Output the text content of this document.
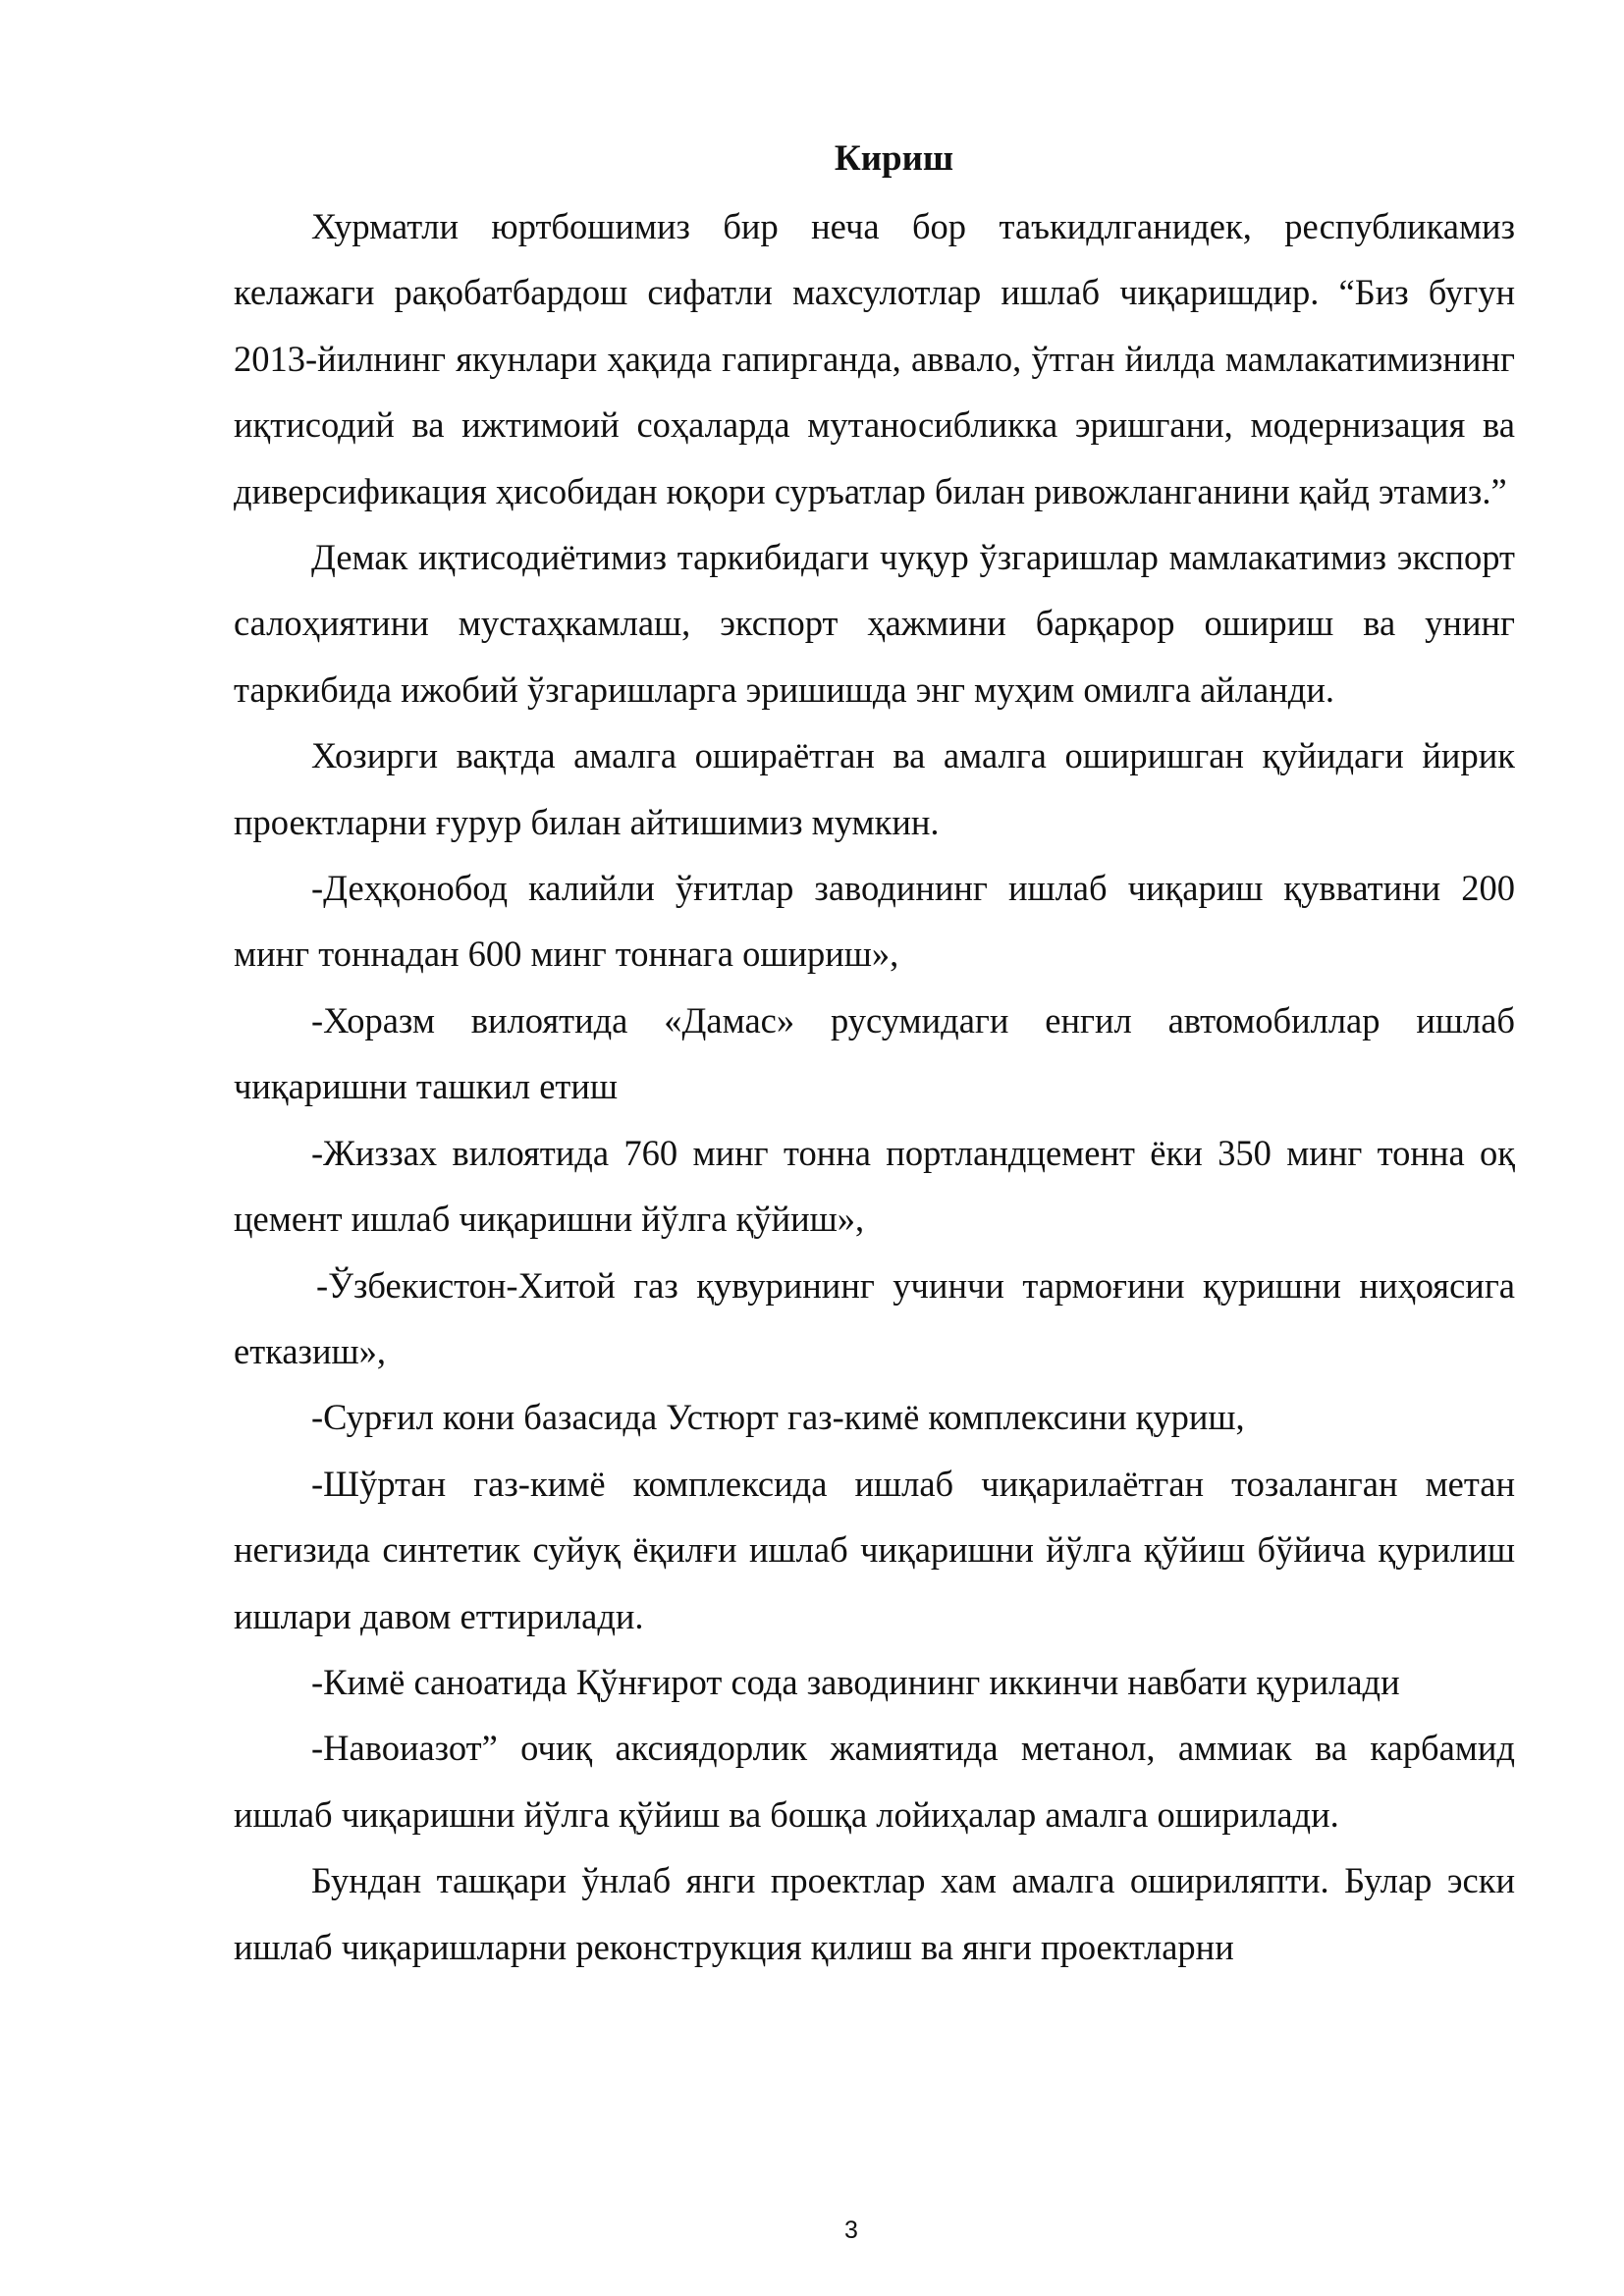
Кириш

Хурматли юртбошимиз бир неча бор таъкидлганидек, республикамиз келажаги рақобатбардош сифатли махсулотлар ишлаб чиқаришдир. “Биз бугун 2013-йилнинг якунлари ҳақида гапирганда, аввало, ўтган йилда мамлакатимизнинг иқтисодий ва ижтимоий соҳаларда мутаносибликка эришгани, модернизация ва диверсификация ҳисобидан юқори суръатлар билан ривожланганини қайд этамиз.”

Демак иқтисодиётимиз таркибидаги чуқур ўзгаришлар мамлакатимиз экспорт салоҳиятини мустаҳкамлаш, экспорт ҳажмини барқарор ошириш ва унинг таркибида ижобий ўзгаришларга эришишда энг муҳим омилга айланди.

Хозирги вақтда амалга ошираётган ва амалга оширишган қуйидаги йирик проектларни ғурур билан айтишимиз мумкин.

-Деҳқонобод калийли ўғитлар заводининг ишлаб чиқариш қувватини 200 минг тоннадан 600 минг тоннага ошириш»,

-Хоразм вилоятида «Дамас» русумидаги енгил автомобиллар ишлаб чиқаришни ташкил етиш

-Жиззах вилоятида 760 минг тонна портландцемент ёки 350 минг тонна оқ цемент ишлаб чиқаришни йўлга қўйиш»,

-Ўзбекистон-Хитой газ қувурининг учинчи тармоғини қуришни ниҳоясига етказиш»,

-Сурғил кони базасида Устюрт газ-кимё комплексини қуриш,

-Шўртан газ-кимё комплексида ишлаб чиқарилаётган тозаланган метан негизида синтетик суйуқ ёқилғи ишлаб чиқаришни йўлга қўйиш бўйича қурилиш ишлари давом еттирилади.

-Кимё саноатида Қўнғирот сода заводининг иккинчи навбати қурилади

-Навоиазот” очиқ аксиядорлик жамиятида метанол, аммиак ва карбамид ишлаб чиқаришни йўлга қўйиш ва бошқа лойиҳалар амалга оширилади.

Бундан ташқари ўнлаб янги проектлар хам амалга ошириляпти. Булар эски ишлаб чиқаришларни реконструкция қилиш ва янги проектларни

3
